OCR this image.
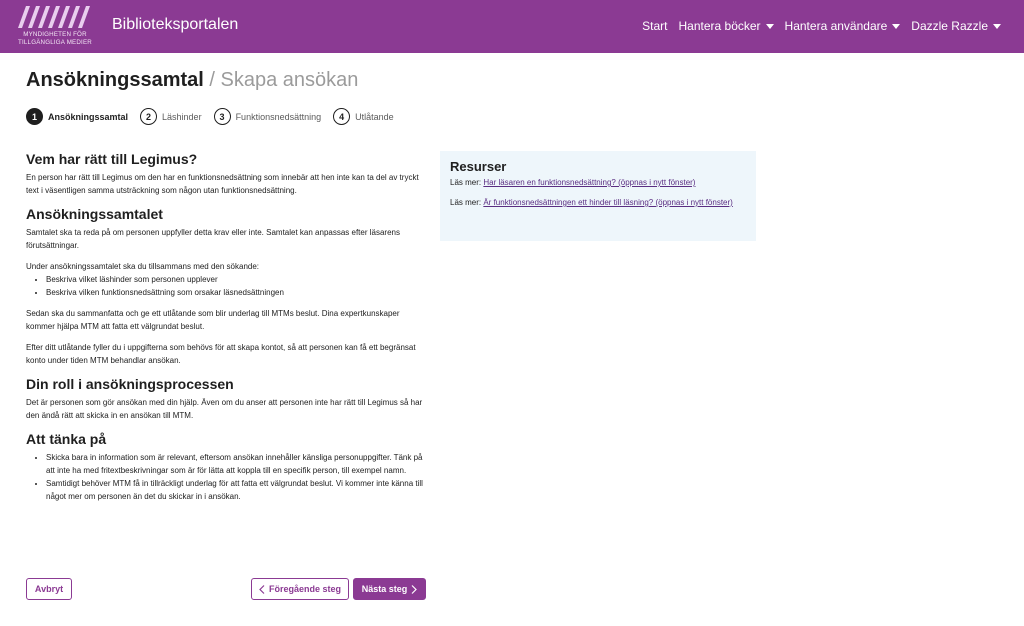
MYNDIGHETEN FÖR
TILLGÄNGLIGA MEDIER
Biblioteksportalen	Start Hantera böcker Hantera användare Dazzle Razzle
Ansökningssamtal / Skapa ansökan
1	Ansökningssamtal	2	Läshinder	3	Funktionsnedsättning	4	Utlåtande
Vem har rätt till Legimus?

En person har rätt till Legimus om den har en funktionsnedsättning som innebär att hen inte kan ta del av tryckt text i väsentligen samma utsträckning som någon utan funktionsnedsättning.

Ansökningssamtalet

Samtalet ska ta reda på om personen uppfyller detta krav eller inte. Samtalet kan anpassas efter läsarens förutsättningar.

Under ansökningssamtalet ska du tillsammans med den sökande:

• Beskriva vilket läshinder som personen upplever
• Beskriva vilken funktionsnedsättning som orsakar läsnedsättningen

Sedan ska du sammanfatta och ge ett utlåtande som blir underlag till MTMs beslut. Dina expertkunskaper kommer hjälpa MTM att fatta ett välgrundat beslut.

Efter ditt utlåtande fyller du i uppgifterna som behövs för att skapa kontot, så att personen kan få ett begränsat konto under tiden MTM behandlar ansökan.

Din roll i ansökningsprocessen

Det är personen som gör ansökan med din hjälp. Även om du anser att personen inte har rätt till Legimus så har den ändå rätt att skicka in en ansökan till MTM.

Att tänka på
• Skicka bara in information som är relevant, eftersom ansökan innehåller känsliga personuppgifter. Tänk på att inte ha med fritextbeskrivningar som är för lätta att koppla till en specifik person, till exempel namn.
• Samtidigt behöver MTM få in tillräckligt underlag för att fatta ett välgrundat beslut. Vi kommer inte känna till något mer om personen än det du skickar in i ansökan.
Resurser

Läs mer: Har läsaren en funktionsnedsättning? (öppnas i nytt fönster)

Läs mer: Är funktionsnedsättningen ett hinder till läsning? (öppnas i nytt fönster)

Avbryt	Föregående steg Nästa steg
